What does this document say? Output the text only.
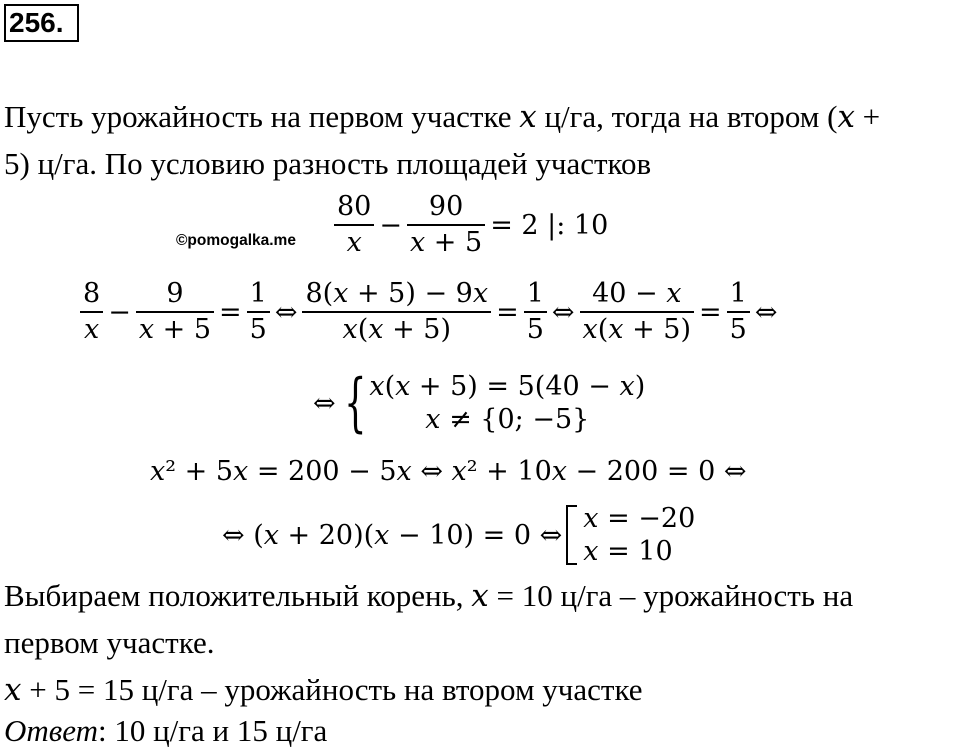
256.
Пусть урожайность на первом участке 𝑥 ц/га, тогда на втором (𝑥 +
5) ц/га. По условию разность площадей участков
©pomogalka.me $\frac{80}{\text{𝑥}} - \frac{90}{\text{𝑥 + 5}} = 2$ |: 10
$\frac{8}{\text{𝑥}} - \frac{9}{\text{𝑥 + 5}} = \frac{1}{5}$ ⇔ $\frac{\text{8(𝑥 + 5) − 9𝑥}}{\text{𝑥(𝑥 + 5)}} = \frac{1}{5}$ ⇔ $\frac{\text{40 − 𝑥}}{\text{𝑥(𝑥 + 5)}} = \frac{1}{5}$ ⇔
⇔ { 𝑥(𝑥 + 5) = 5(40 − 𝑥)
𝑥 ≠ {0; −5}
𝑥² + 5𝑥 = 200 − 5𝑥 ⇔ 𝑥² + 10𝑥 − 200 = 0 ⇔
⇔ (𝑥 + 20)(𝑥 − 10) = 0 ⇔
𝑥 = −20
𝑥 = 10
Выбираем положительный корень, 𝑥 = 10 ц/га – урожайность на
первом участке.
𝑥 + 5 = 15 ц/га – урожайность на втором участке
Ответ: 10 ц/га и 15 ц/га
